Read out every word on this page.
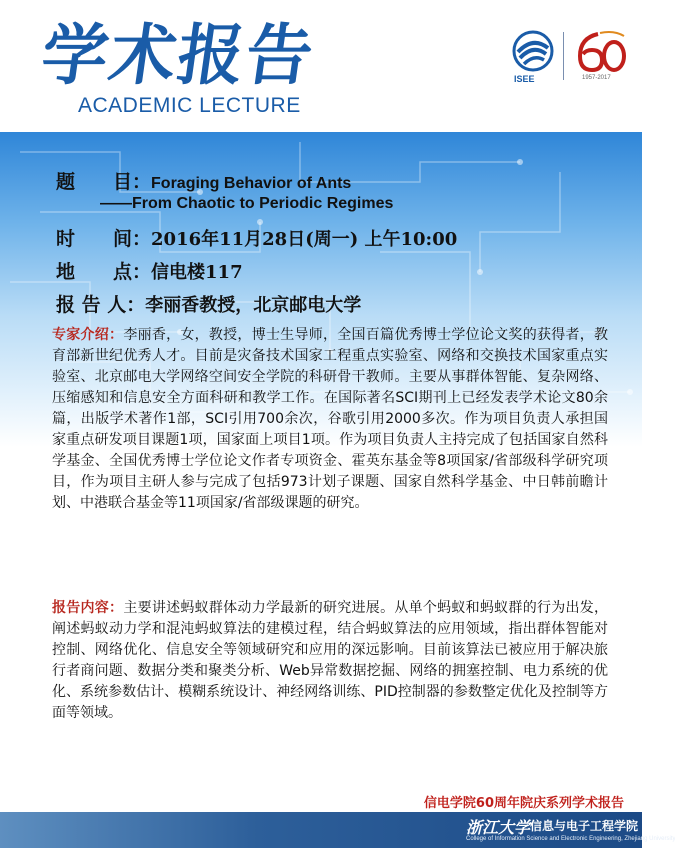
学术报告
ACADEMIC LECTURE
ISEE	1957-2017
题　　目：Foraging Behavior of Ants
——From Chaotic to Periodic Regimes
时　　间：2016年11月28日(周一) 上午10:00
地　　点：信电楼117
报 告 人：李丽香教授，北京邮电大学

专家介绍：李丽香，女，教授，博士生导师，全国百篇优秀博士学位论文奖的获得者，教育部新世纪优秀人才。目前是灾备技术国家工程重点实验室、网络和交换技术国家重点实验室、北京邮电大学网络空间安全学院的科研骨干教师。主要从事群体智能、复杂网络、压缩感知和信息安全方面科研和教学工作。在国际著名SCI期刊上已经发表学术论文80余篇，出版学术著作1部，SCI引用700余次，谷歌引用2000多次。作为项目负责人承担国家重点研发项目课题1项，国家面上项目1项。作为项目负责人主持完成了包括国家自然科学基金、全国优秀博士学位论文作者专项资金、霍英东基金等8项国家/省部级科学研究项目，作为项目主研人参与完成了包括973计划子课题、国家自然科学基金、中日韩前瞻计划、中港联合基金等11项国家/省部级课题的研究。

报告内容：主要讲述蚂蚁群体动力学最新的研究进展。从单个蚂蚁和蚂蚁群的行为出发，阐述蚂蚁动力学和混沌蚂蚁算法的建模过程，结合蚂蚁算法的应用领域，指出群体智能对控制、网络优化、信息安全等领域研究和应用的深远影响。目前该算法已被应用于解决旅行者商问题、数据分类和聚类分析、Web异常数据挖掘、网络的拥塞控制、电力系统的优化、系统参数估计、模糊系统设计、神经网络训练、PID控制器的参数整定优化及控制等方面等领域。

信电学院60周年院庆系列学术报告
浙江大学 信息与电子工程学院
College of Information Science and Electronic Engineering, Zhejiang University
